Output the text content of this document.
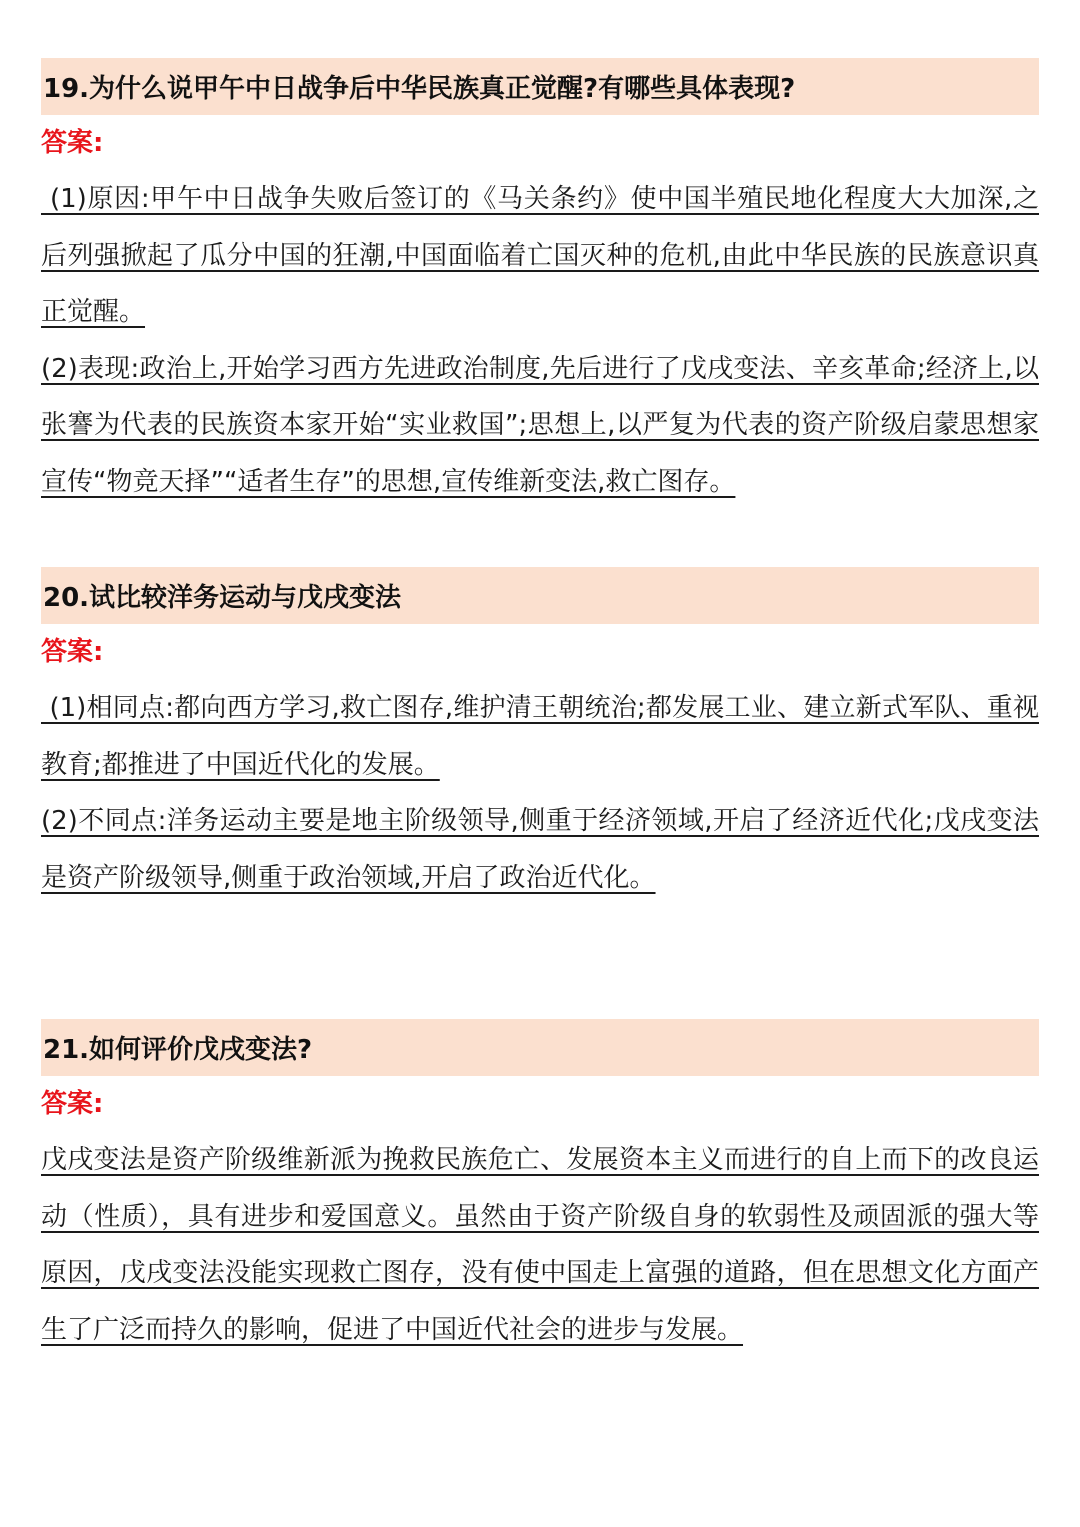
19.为什么说甲午中日战争后中华民族真正觉醒?有哪些具体表现?
答案:

(1)原因:甲午中日战争失败后签订的《马关条约》使中国半殖民地化程度大大加深,之后列强掀起了瓜分中国的狂潮,中国面临着亡国灭种的危机,由此中华民族的民族意识真正觉醒。

(2)表现:政治上,开始学习西方先进政治制度,先后进行了戊戌变法、辛亥革命;经济上,以张謇为代表的民族资本家开始“实业救国”;思想上,以严复为代表的资产阶级启蒙思想家宣传“物竞天择”“适者生存”的思想,宣传维新变法,救亡图存。

20.试比较洋务运动与戊戌变法
答案:

(1)相同点:都向西方学习,救亡图存,维护清王朝统治;都发展工业、建立新式军队、重视教育;都推进了中国近代化的发展。

(2)不同点:洋务运动主要是地主阶级领导,侧重于经济领域,开启了经济近代化;戊戌变法是资产阶级领导,侧重于政治领域,开启了政治近代化。

21.如何评价戊戌变法?
答案:

戊戌变法是资产阶级维新派为挽救民族危亡、发展资本主义而进行的自上而下的改良运动（性质），具有进步和爱国意义。虽然由于资产阶级自身的软弱性及顽固派的强大等原因，戊戌变法没能实现救亡图存，没有使中国走上富强的道路，但在思想文化方面产生了广泛而持久的影响，促进了中国近代社会的进步与发展。
